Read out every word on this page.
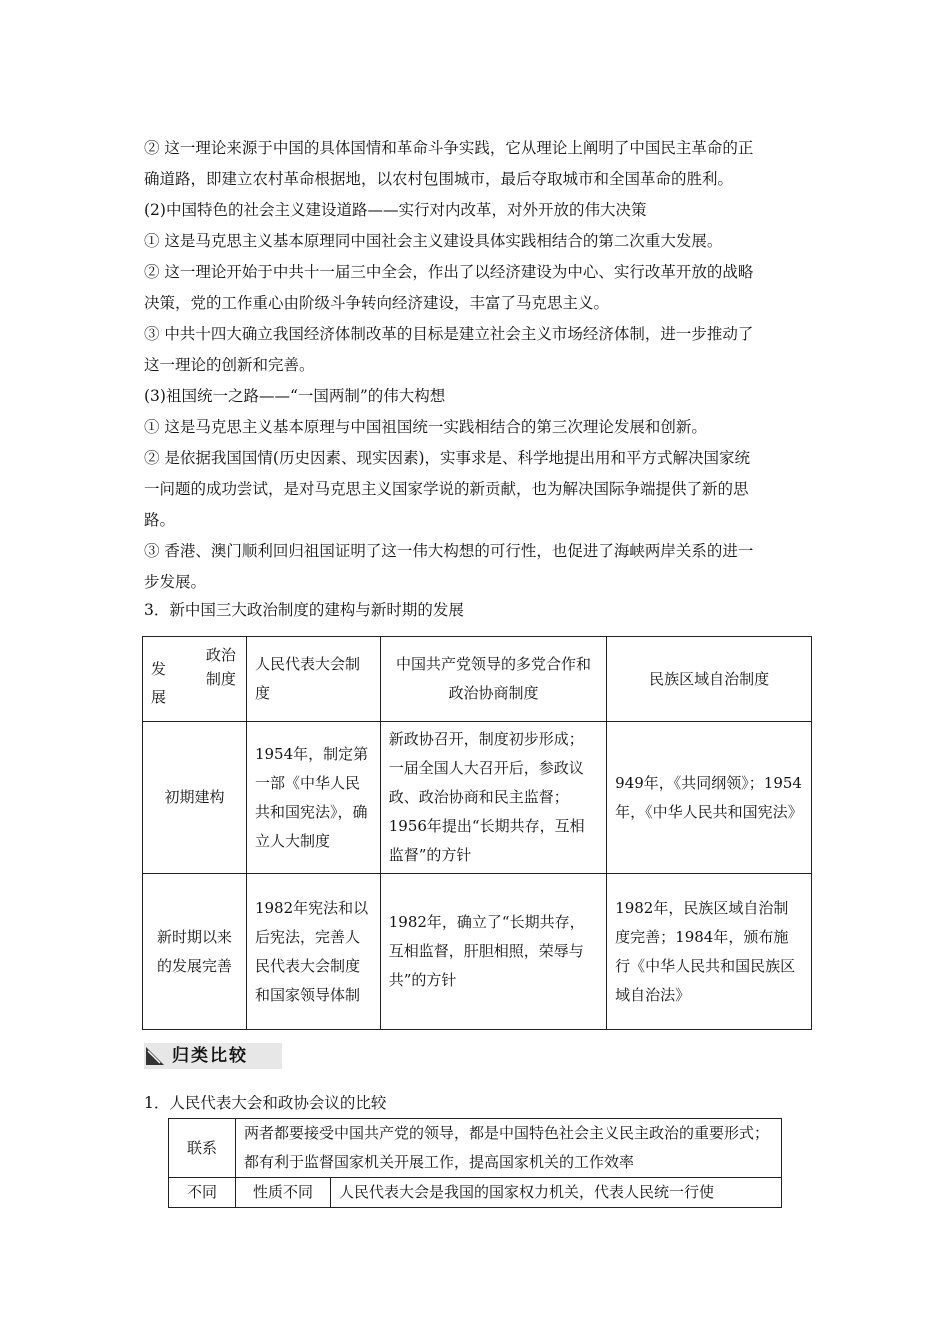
② 这一理论来源于中国的具体国情和革命斗争实践，它从理论上阐明了中国民主革命的正
确道路，即建立农村革命根据地，以农村包围城市，最后夺取城市和全国革命的胜利。
(2)中国特色的社会主义建设道路——实行对内改革，对外开放的伟大决策
① 这是马克思主义基本原理同中国社会主义建设具体实践相结合的第二次重大发展。
② 这一理论开始于中共十一届三中全会，作出了以经济建设为中心、实行改革开放的战略
决策，党的工作重心由阶级斗争转向经济建设，丰富了马克思主义。
③ 中共十四大确立我国经济体制改革的目标是建立社会主义市场经济体制，进一步推动了
这一理论的创新和完善。
(3)祖国统一之路——“一国两制”的伟大构想
① 这是马克思主义基本原理与中国祖国统一实践相结合的第三次理论发展和创新。
② 是依据我国国情(历史因素、现实因素)，实事求是、科学地提出用和平方式解决国家统
一问题的成功尝试，是对马克思主义国家学说的新贡献，也为解决国际争端提供了新的思
路。
③ 香港、澳门顺利回归祖国证明了这一伟大构想的可行性，也促进了海峡两岸关系的进一
步发展。
3．新中国三大政治制度的建构与新时期的发展
政治
制度
发
展	人民代表大会制度	中国共产党领导的多党合作和政治协商制度	民族区域自治制度
初期建构	1954年，制定第一部《中华人民共和国宪法》，确立人大制度	新政协召开，制度初步形成；一届全国人大召开后，参政议政、政治协商和民主监督；1956年提出“长期共存，互相监督”的方针	949年，《共同纲领》；1954年，《中华人民共和国宪法》
新时期以来的发展完善	1982年宪法和以后宪法，完善人民代表大会制度和国家领导体制	1982年，确立了“长期共存，互相监督，肝胆相照，荣辱与共”的方针	1982年，民族区域自治制度完善；1984年，颁布施行《中华人民共和国民族区域自治法》
归类比较
1．人民代表大会和政协会议的比较
联系	两者都要接受中国共产党的领导，都是中国特色社会主义民主政治的重要形式；都有利于监督国家机关开展工作，提高国家机关的工作效率	
不同	性质不同	人民代表大会是我国的国家权力机关，代表人民统一行使
